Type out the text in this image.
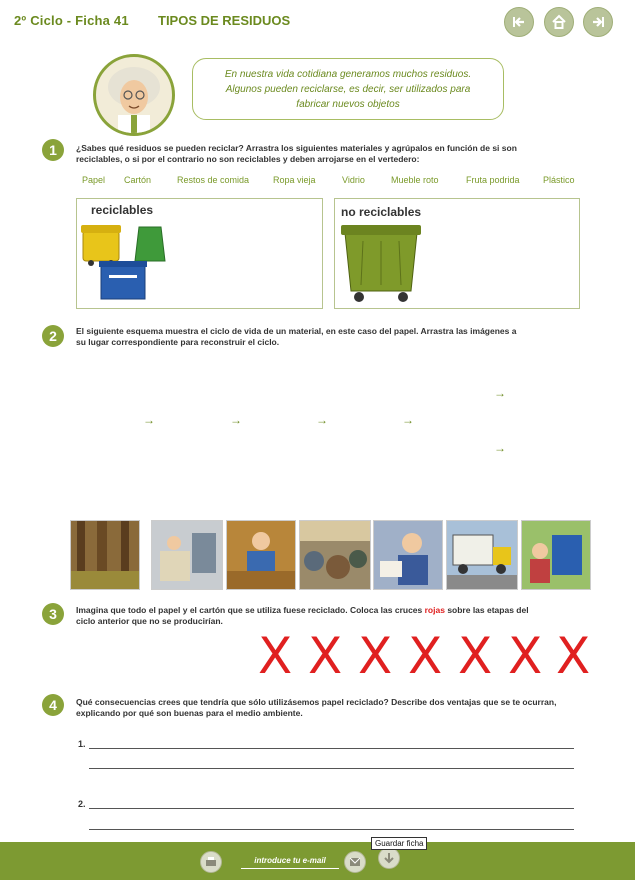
2º Ciclo - Ficha 41 TIPOS DE RESIDUOS
En nuestra vida cotidiana generamos muchos residuos.
Algunos pueden reciclarse, es decir, ser utilizados para
fabricar nuevos objetos
1	¿Sabes qué residuos se pueden reciclar? Arrastra los siguientes materiales y agrúpalos en función de si son
reciclables, o si por el contrario no son reciclables y deben arrojarse en el vertedero:
Papel Cartón	Restos de comida	Ropa vieja	Vidrio	Mueble roto	Fruta podrida	Plástico
reciclables	no reciclables
2	El siguiente esquema muestra el ciclo de vida de un material, en este caso del papel. Arrastra las imágenes a
su lugar correspondiente para reconstruir el ciclo.
→	→	→	→
→
→
3	Imagina que todo el papel y el cartón que se utiliza fuese reciclado. Coloca las cruces rojas sobre las etapas del
ciclo anterior que no se producirían.
X X X X X X X
4	Qué consecuencias crees que tendría que sólo utilizásemos papel reciclado? Describe dos ventajas que se te ocurran,
explicando por qué son buenas para el medio ambiente.
1.
2.
introduce tu e-mail
Guardar ficha
